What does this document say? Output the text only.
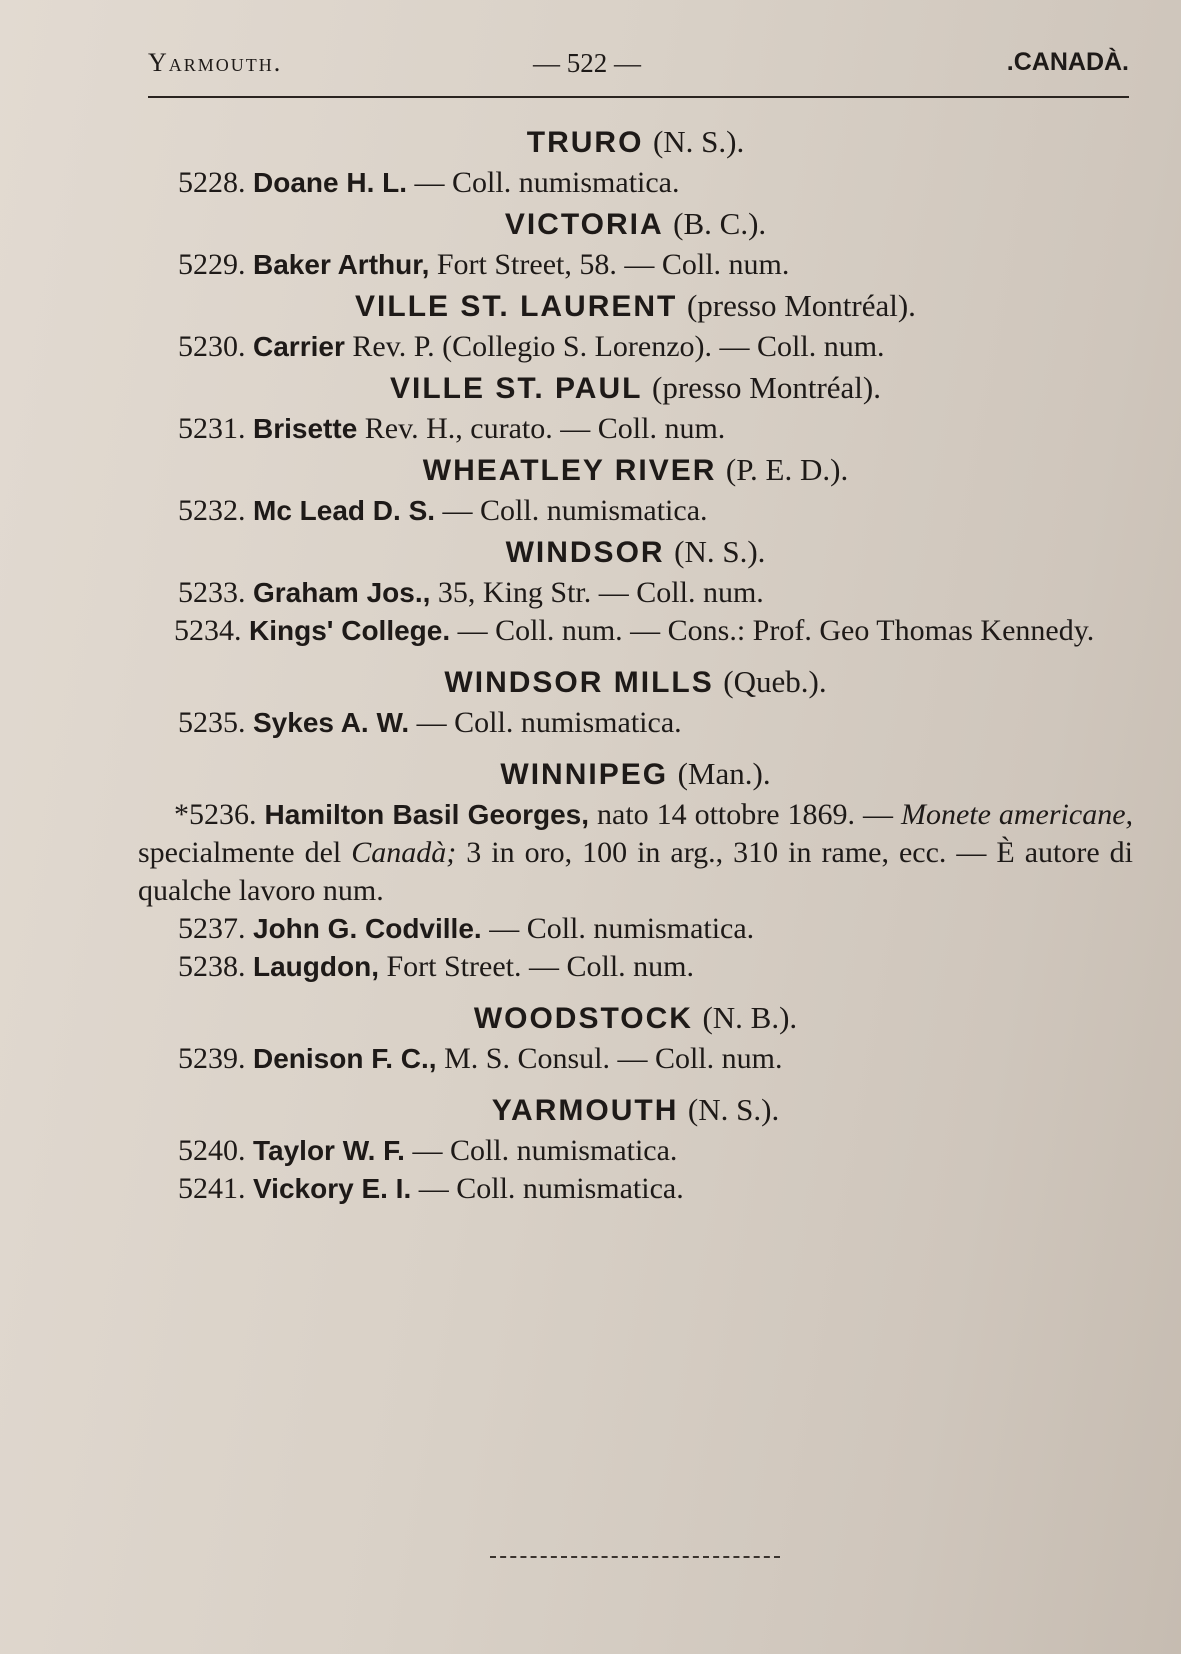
Yarmouth.	— 522 —	.CANADÀ.

TRURO (N. S.).

5228. Doane H. L. — Coll. numismatica.

VICTORIA (B. C.).

5229. Baker Arthur, Fort Street, 58. — Coll. num.

VILLE ST. LAURENT (presso Montréal).

5230. Carrier Rev. P. (Collegio S. Lorenzo). — Coll. num.

VILLE ST. PAUL (presso Montréal).

5231. Brisette Rev. H., curato. — Coll. num.

WHEATLEY RIVER (P. E. D.).

5232. Mc Lead D. S. — Coll. numismatica.

WINDSOR (N. S.).

5233. Graham Jos., 35, King Str. — Coll. num.

5234. Kings' College. — Coll. num. — Cons.: Prof. Geo Thomas Kennedy.

WINDSOR MILLS (Queb.).

5235. Sykes A. W. — Coll. numismatica.

WINNIPEG (Man.).

*5236. Hamilton Basil Georges, nato 14 ottobre 1869. — Monete americane, specialmente del Canadà; 3 in oro, 100 in arg., 310 in rame, ecc. — È autore di qualche lavoro num.

5237. John G. Codville. — Coll. numismatica.

5238. Laugdon, Fort Street. — Coll. num.

WOODSTOCK (N. B.).

5239. Denison F. C., M. S. Consul. — Coll. num.

YARMOUTH (N. S.).

5240. Taylor W. F. — Coll. numismatica.

5241. Vickory E. I. — Coll. numismatica.
